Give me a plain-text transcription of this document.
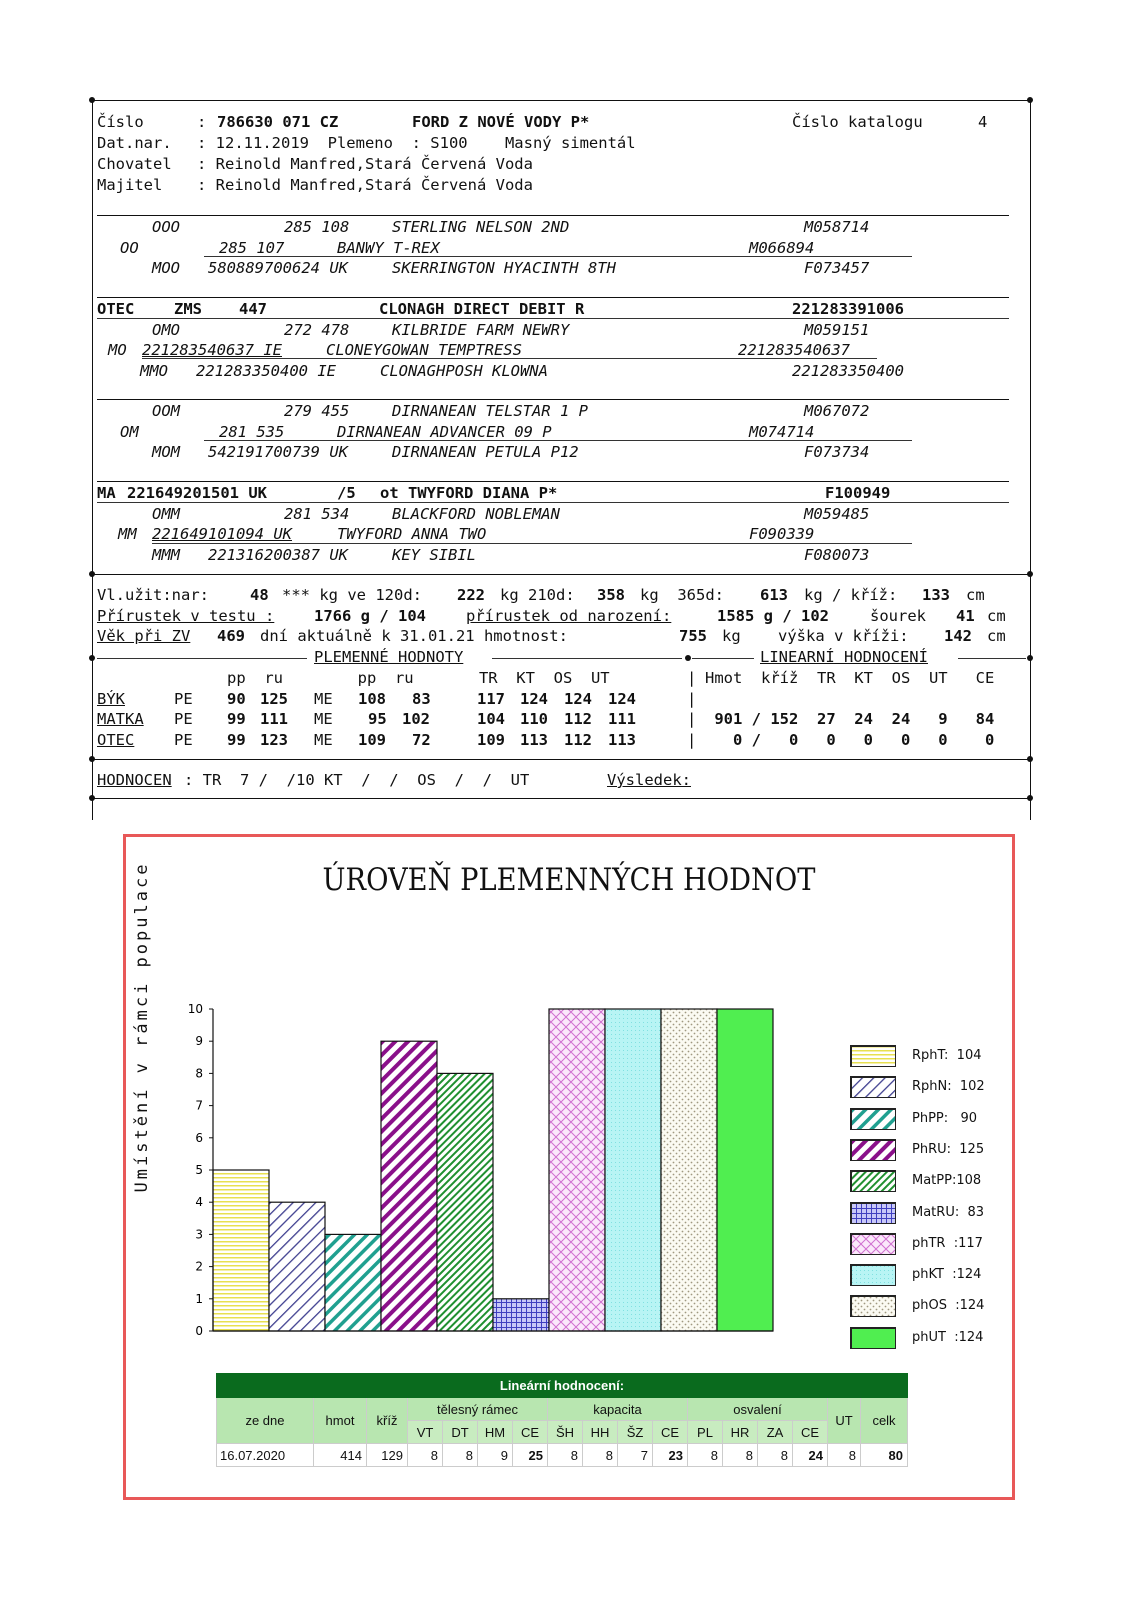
Číslo	: 786630 071 CZ	FORD Z NOVÉ VODY P*	Číslo katalogu	4
Dat.nar. : 12.11.2019  Plemeno  : S100    Masný simentál
Chovatel : Reinold Manfred,Stará Červená Voda
Majitel : Reinold Manfred,Stará Červená Voda
OOO	285 108	STERLING NELSON 2ND	M058714
OO	285 107	BANWY T-REX	M066894
MOO 580889700624 UK	SKERRINGTON HYACINTH 8TH	F073457
OTEC	ZMS 447	CLONAGH DIRECT DEBIT R	221283391006
OMO	272 478	KILBRIDE FARM NEWRY	M059151
MO 221283540637 IE	CLONEYGOWAN TEMPTRESS	221283540637
MMO 221283350400 IE	CLONAGHPOSH KLOWNA	221283350400
OOM	279 455	DIRNANEAN TELSTAR 1 P	M067072
OM	281 535	DIRNANEAN ADVANCER 09 P	M074714
MOM 542191700739 UK	DIRNANEAN PETULA P12	F073734
MA 221649201501 UK	/5 ot TWYFORD DIANA P*	F100949
OMM	281 534	BLACKFORD NOBLEMAN	M059485
MM 221649101094 UK	TWYFORD ANNA TWO	F090339
MMM 221316200387 UK	KEY SIBIL	F080073
Vl.užit:nar:	48 *** kg ve 120d: 222 kg 210d: 358 kg  365d: 613 kg / kříž: 133 cm
Přírustek v testu :	1766 g / 104	přírustek od narození:	1585 g / 102	šourek 41 cm
Věk při ZV 469 dní aktuálně k 31.01.21 hmotnost:	755 kg    výška v kříži: 142 cm
PLEMENNÉ HODNOTY	LINEARNÍ HODNOCENÍ
pp  ru        pp  ru       TR  KT  OS  UT	| Hmot  kříž  TR  KT  OS  UT   CE
BÝK	PE 90 125 ME 108 83	117 124 124 124	|
MATKA PE 99 111 ME 95 102	104 110 112 111	| 901 / 152  27  24  24   9   84
OTEC	PE 99 123 ME 109 72	109 113 112 113	| 0 /   0   0   0   0   0    0
HODNOCEN : TR  7 /  /10 KT  /  /  OS  /  /  UT	Výsledek:
ÚROVEŇ PLEMENNÝCH HODNOT
Umístění v rámci populace
0
1
2
3
4
5
6
7
8
9
10
RphT:  104
RphN:  102
PhPP:   90
PhRU:  125
MatPP:108
MatRU:  83
phTR  :117
phKT  :124
phOS  :124
phUT  :124
Lineární hodnocení:																
ze dne	hmot	kříž	tělesný rámec				kapacita				osvalení				UT	celk
			VT	DT	HM	CE	ŠH	HH	ŠZ	CE	PL	HR	ZA	CE		
16.07.2020	414	129	8	8	9	25	8	8	7	23	8	8	8	24	8	80
